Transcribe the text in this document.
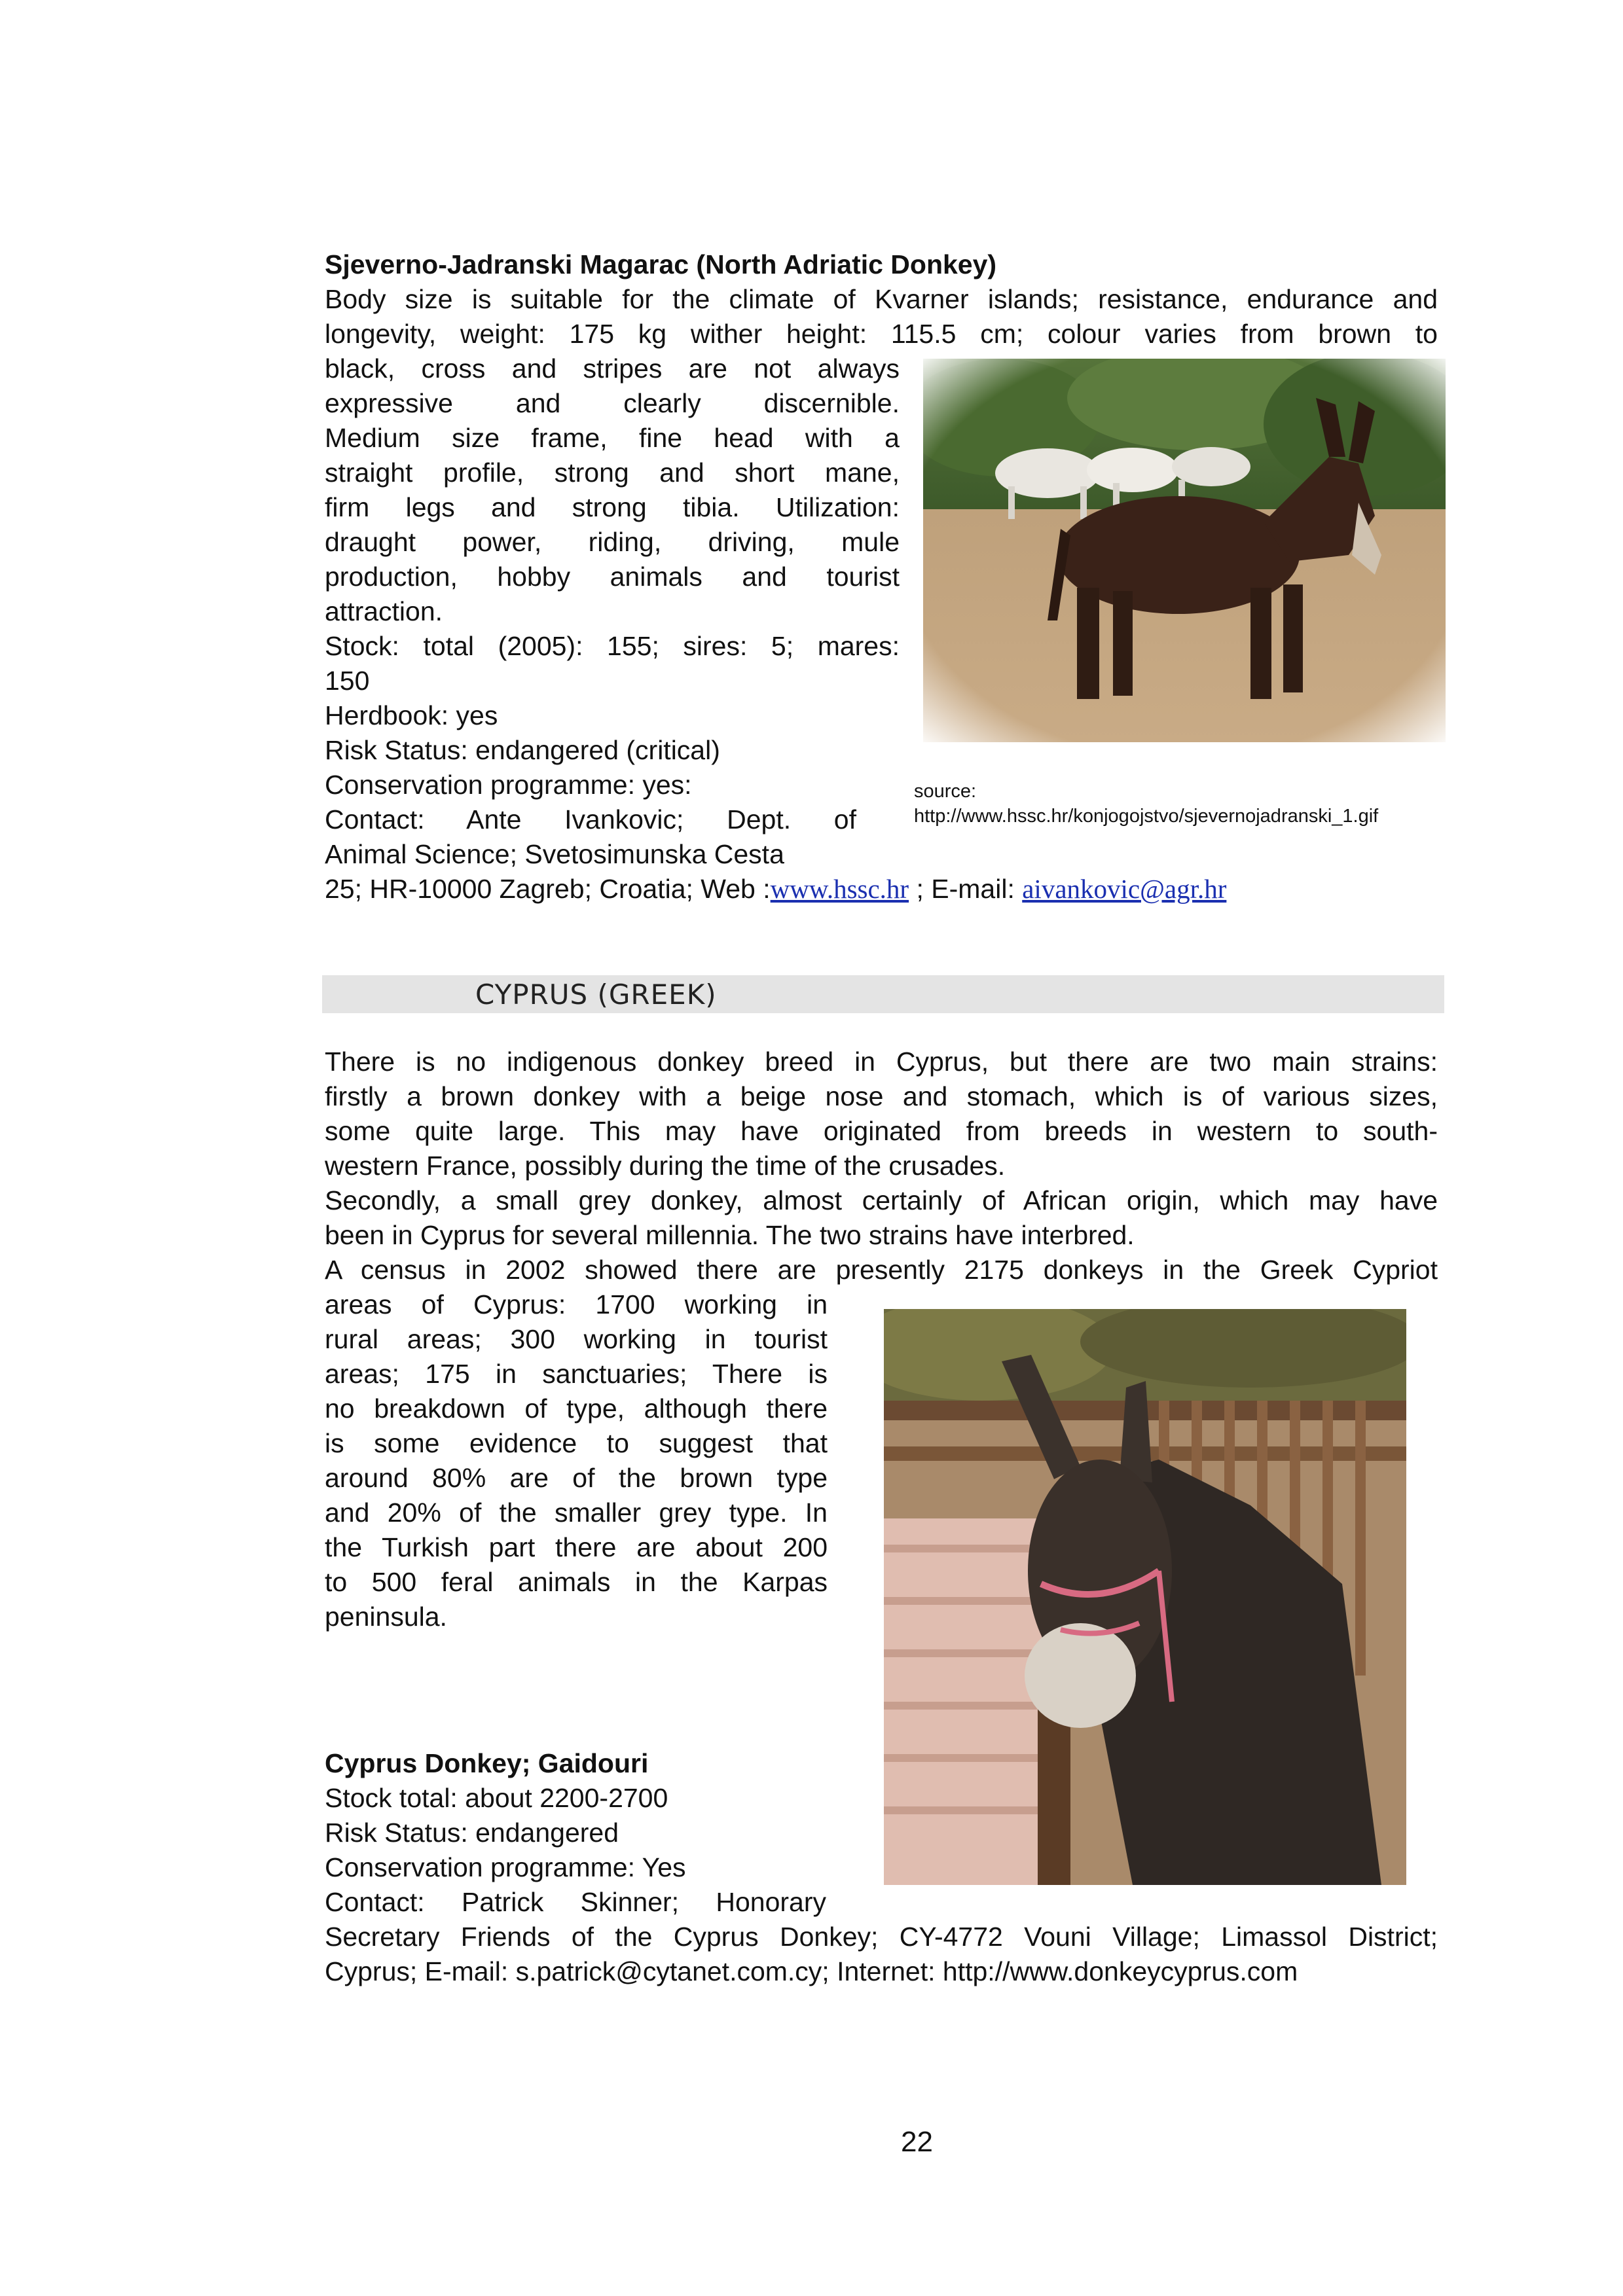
Sjeverno-Jadranski Magarac (North Adriatic Donkey)
Body size is suitable for the climate of Kvarner islands; resistance, endurance and
longevity, weight: 175 kg wither height: 115.5 cm; colour varies from brown to
black, cross and stripes are not always
expressive and clearly discernible.
Medium size frame, fine head with a
straight profile, strong and short mane,
firm legs and strong tibia. Utilization:
draught power, riding, driving, mule
production, hobby animals and tourist
attraction.
Stock: total (2005): 155; sires: 5; mares:
150
Herdbook: yes
Risk Status: endangered (critical)
Conservation programme: yes:
Contact: Ante Ivankovic; Dept. of
Animal Science; Svetosimunska Cesta
25; HR-10000 Zagreb; Croatia; Web :www.hssc.hr ; E-mail: aivankovic@agr.hr
source:
http://www.hssc.hr/konjogojstvo/sjevernojadranski_1.gif
CYPRUS (GREEK)
There is no indigenous donkey breed in Cyprus, but there are two main strains:
firstly a brown donkey with a beige nose and stomach, which is of various sizes,
some quite large. This may have originated from breeds in western to south-
western France, possibly during the time of the crusades.
Secondly, a small grey donkey, almost certainly of African origin, which may have
been in Cyprus for several millennia. The two strains have interbred.
A census in 2002 showed there are presently 2175 donkeys in the Greek Cypriot
areas of Cyprus: 1700 working in
rural areas; 300 working in tourist
areas; 175 in sanctuaries; There is
no breakdown of type, although there
is some evidence to suggest that
around 80% are of the brown type
and 20% of the smaller grey type. In
the Turkish part there are about 200
to 500 feral animals in the Karpas
peninsula.
Cyprus Donkey; Gaidouri
Stock total: about 2200-2700
Risk Status: endangered
Conservation programme: Yes
Contact: Patrick Skinner; Honorary
Secretary Friends of the Cyprus Donkey; CY-4772 Vouni Village; Limassol District;
Cyprus; E-mail: s.patrick@cytanet.com.cy; Internet: http://www.donkeycyprus.com
22
